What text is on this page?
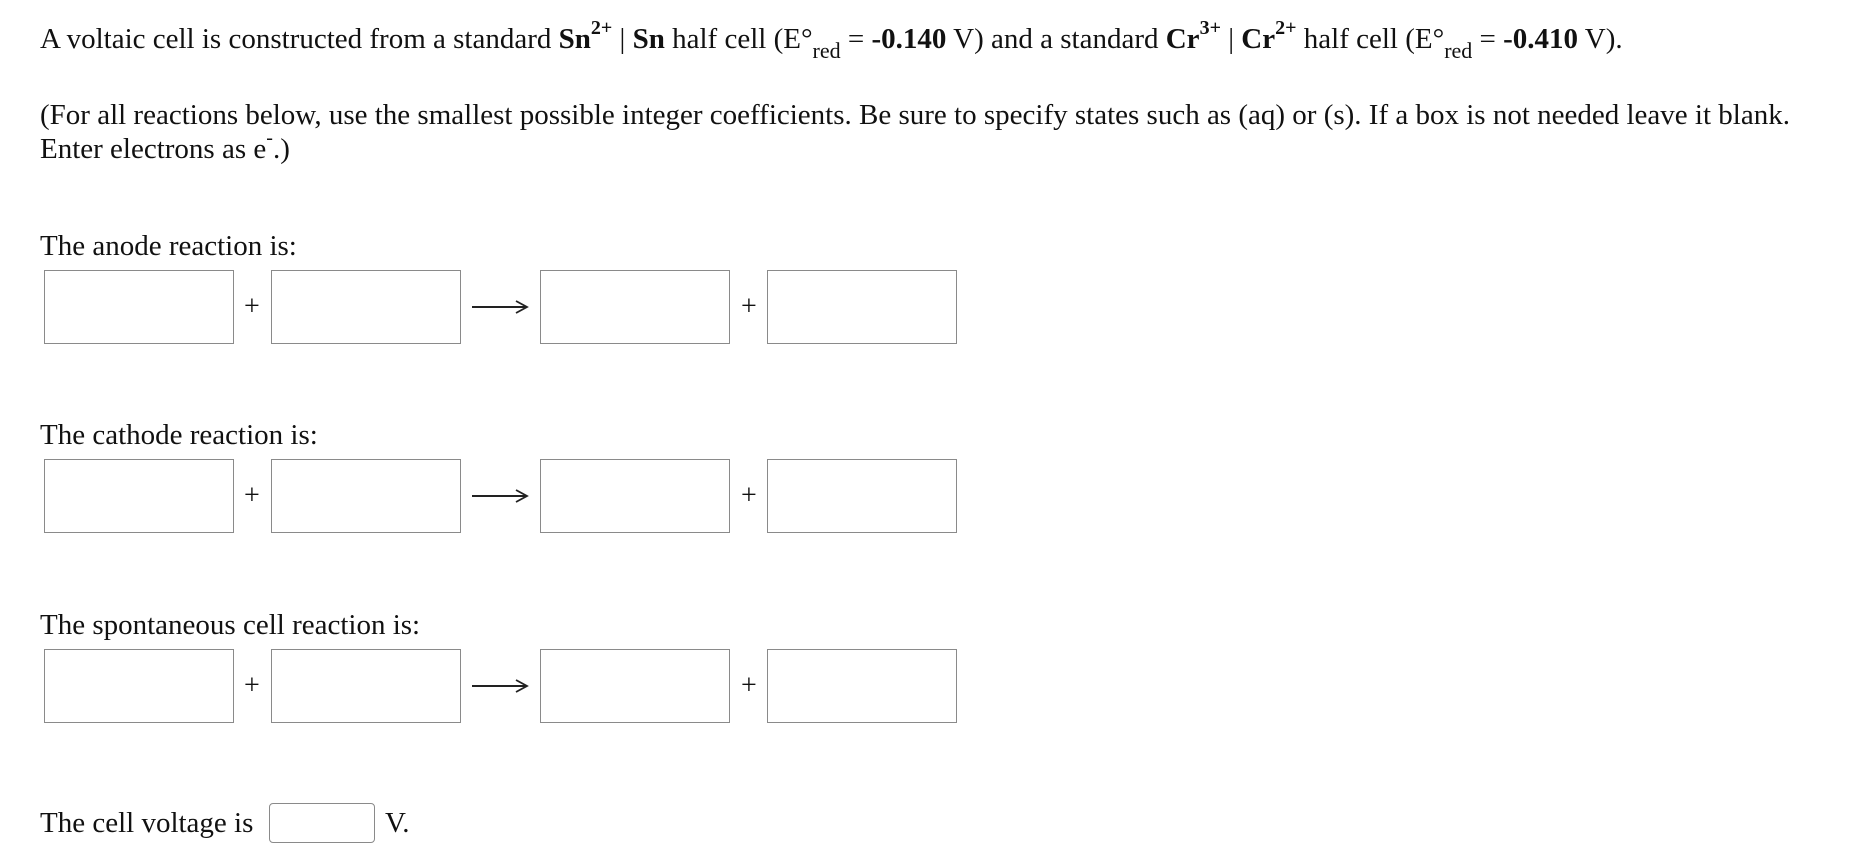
A voltaic cell is constructed from a standard $Sn^{2+}$ | Sn half cell ($E^\circ_{red} = -0.140$ V) and a standard $Cr^{3+}$ | $Cr^{2+}$ half cell ($E^\circ_{red} = -0.410$ V).
(For all reactions below, use the smallest possible integer coefficients. Be sure to specify states such as (aq) or (s). If a box is not needed leave it blank.
Enter electrons as e-.)
The anode reaction is:
+	+
The cathode reaction is:
+	+
The spontaneous cell reaction is:
+	+
The cell voltage is	V.
